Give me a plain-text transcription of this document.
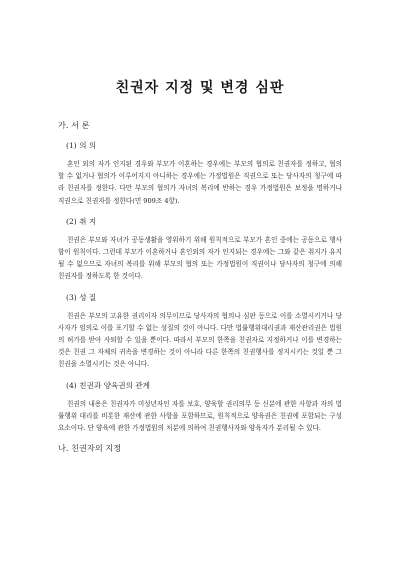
친권자 지정 및 변경 심판
가. 서 론
(1) 의 의
혼인 외의 자가 인지된 경우와 부모가 이혼하는 경우에는 부모의 협의로 친권자를 정하고, 협의할 수 없거나 협의가 이루어지지 아니하는 경우에는 가정법원은 직권으로 또는 당사자의 청구에 따라 친권자를 정한다. 다만 부모의 협의가 자녀의 복리에 반하는 경우 가정법원은 보정을 명하거나 직권으로 친권자를 정한다(민 909조 4항).
(2) 취 지
친권은 부모와 자녀가 공동생활을 영위하기 위해 원칙적으로 부모가 혼인 중에는 공동으로 행사함이 원칙이다. 그런데 부모가 이혼하거나 혼인외의 자가 인지되는 경우에는 그와 같은 취지가 유지될 수 없으므로 자녀의 복리를 위해 부모의 협의 또는 가정법원이 직권이나 당사자의 청구에 의해 친권자를 정하도록 한 것이다.
(3) 성 질
친권은 부모의 고유한 권리이자 의무이므로 당사자의 협의나 심판 등으로 이를 소멸시키거나 당사자가 임의로 이를 포기할 수 없는 성질의 것이 아니다. 다만 법률행위대리권과 재산관리권은 법원의 허가를 받아 사퇴할 수 있을 뿐이다. 따라서 부모의 한쪽을 친권자로 지정하거나 이를 변경하는 것은 친권 그 자체의 귀속을 변경하는 것이 아니라 다른 한쪽의 친권행사를 정지시키는 것일 뿐 그 친권을 소멸시키는 것은 아니다.
(4) 친권과 양육권의 관계
친권의 내용은 친권자가 미성년자인 자를 보호, 양육할 권리의무 등 신분에 관한 사항과 자의 법률행위 대리를 비롯한 재산에 관한 사항을 포함하므로, 원칙적으로 양육권은 친권에 포함되는 구성요소이다. 단 양육에 관한 가정법원의 처분에 의하여 친권행사자와 양육자가 분리될 수 있다.
나. 친권자의 지정
